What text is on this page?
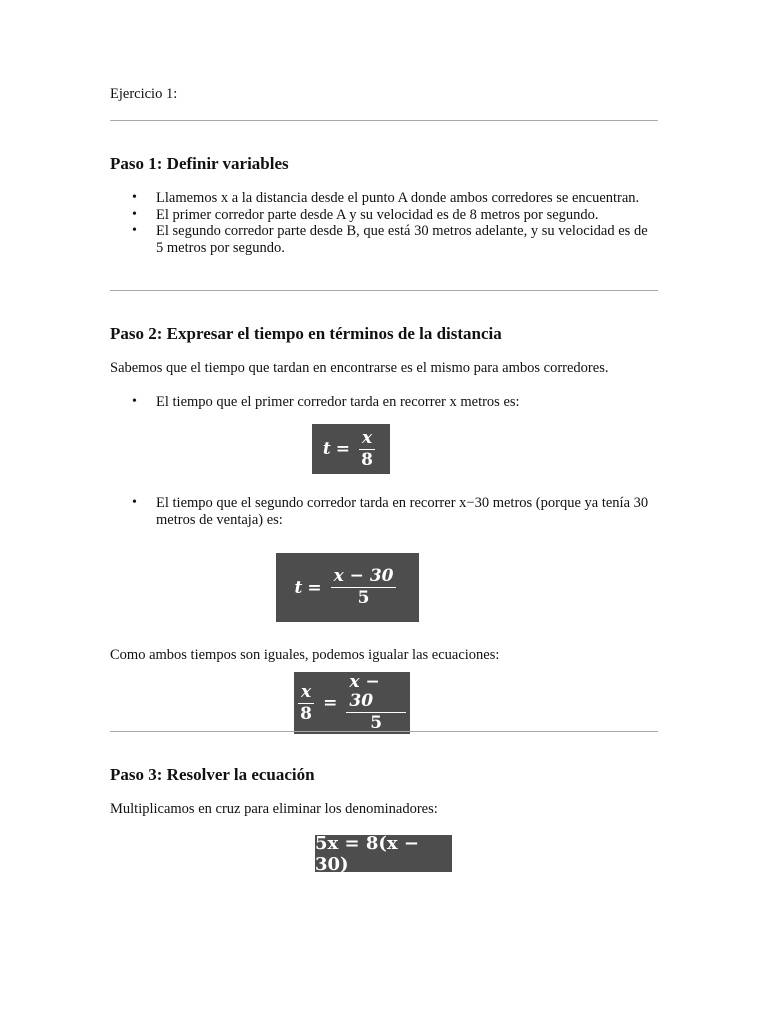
Ejercicio 1:
Paso 1: Definir variables
• Llamemos x a la distancia desde el punto A donde ambos corredores se encuentran.
• El primer corredor parte desde A y su velocidad es de 8 metros por segundo.
• El segundo corredor parte desde B, que está 30 metros adelante, y su velocidad es de 5 metros por segundo.
Paso 2: Expresar el tiempo en términos de la distancia

Sabemos que el tiempo que tardan en encontrarse es el mismo para ambos corredores.

• El tiempo que el primer corredor tarda en recorrer x metros es:
$t = \frac{x}{8}$
• El tiempo que el segundo corredor tarda en recorrer x−30 metros (porque ya tenía 30 metros de ventaja) es:
$t = \frac{x - 30}{5}$

Como ambos tiempos son iguales, podemos igualar las ecuaciones:

$\frac{x}{8} = \frac{x - 30}{5}$
Paso 3: Resolver la ecuación

Multiplicamos en cruz para eliminar los denominadores:

5x = 8(x − 30)
